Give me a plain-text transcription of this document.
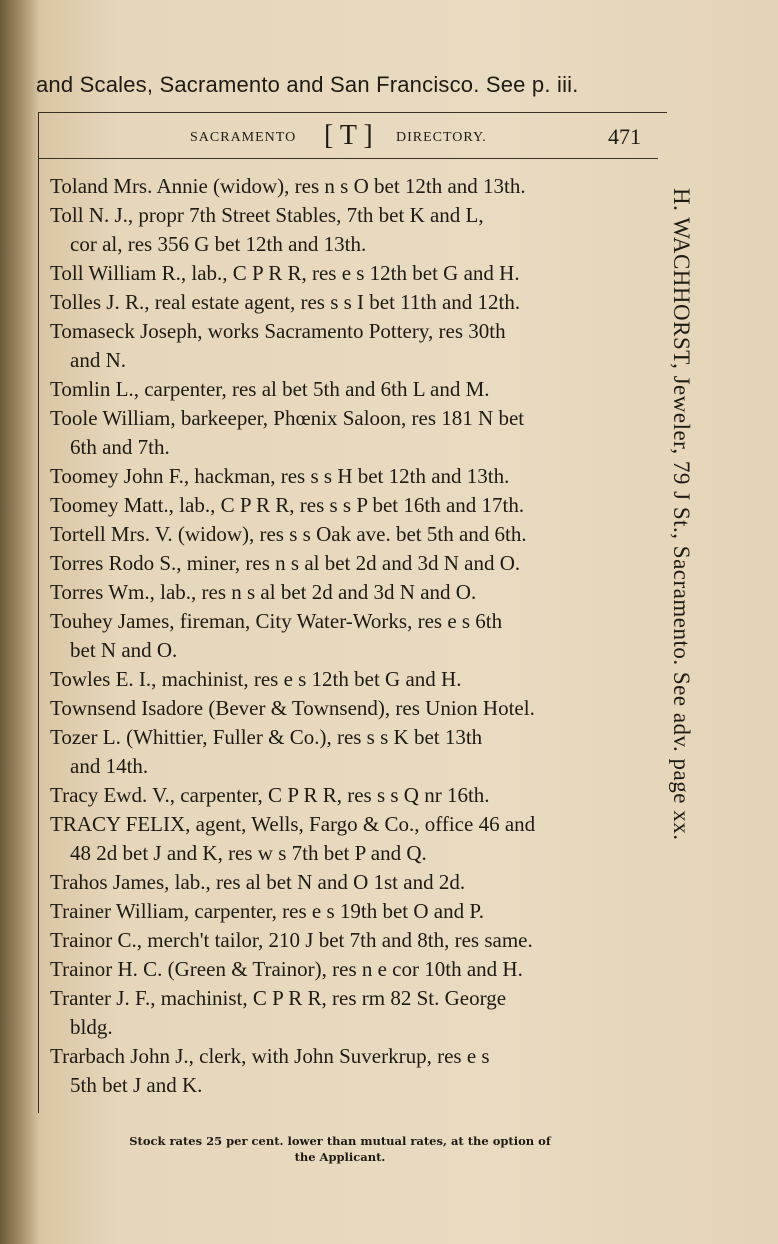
and Scales, Sacramento and San Francisco. See p. iii.
SACRAMENTO [ T ] DIRECTORY.	471
Toland Mrs. Annie (widow), res n s O bet 12th and 13th.
Toll N. J., propr 7th Street Stables, 7th bet K and L,
cor al, res 356 G bet 12th and 13th.
Toll William R., lab., C P R R, res e s 12th bet G and H.
Tolles J. R., real estate agent, res s s I bet 11th and 12th.
Tomaseck Joseph, works Sacramento Pottery, res 30th
and N.
Tomlin L., carpenter, res al bet 5th and 6th L and M.
Toole William, barkeeper, Phœnix Saloon, res 181 N bet
6th and 7th.
Toomey John F., hackman, res s s H bet 12th and 13th.
Toomey Matt., lab., C P R R, res s s P bet 16th and 17th.
Tortell Mrs. V. (widow), res s s Oak ave. bet 5th and 6th.
Torres Rodo S., miner, res n s al bet 2d and 3d N and O.
Torres Wm., lab., res n s al bet 2d and 3d N and O.
Touhey James, fireman, City Water-Works, res e s 6th
bet N and O.
Towles E. I., machinist, res e s 12th bet G and H.
Townsend Isadore (Bever & Townsend), res Union Hotel.
Tozer L. (Whittier, Fuller & Co.), res s s K bet 13th
and 14th.
Tracy Ewd. V., carpenter, C P R R, res s s Q nr 16th.
TRACY FELIX, agent, Wells, Fargo & Co., office 46 and
48 2d bet J and K, res w s 7th bet P and Q.
Trahos James, lab., res al bet N and O 1st and 2d.
Trainer William, carpenter, res e s 19th bet O and P.
Trainor C., merch't tailor, 210 J bet 7th and 8th, res same.
Trainor H. C. (Green & Trainor), res n e cor 10th and H.
Tranter J. F., machinist, C P R R, res rm 82 St. George
bldg.
Trarbach John J., clerk, with John Suverkrup, res e s
5th bet J and K.
H. WACHHORST, Jeweler, 79 J St., Sacramento. See adv. page xx.
Stock rates 25 per cent. lower than mutual rates, at the option of
the Applicant.
